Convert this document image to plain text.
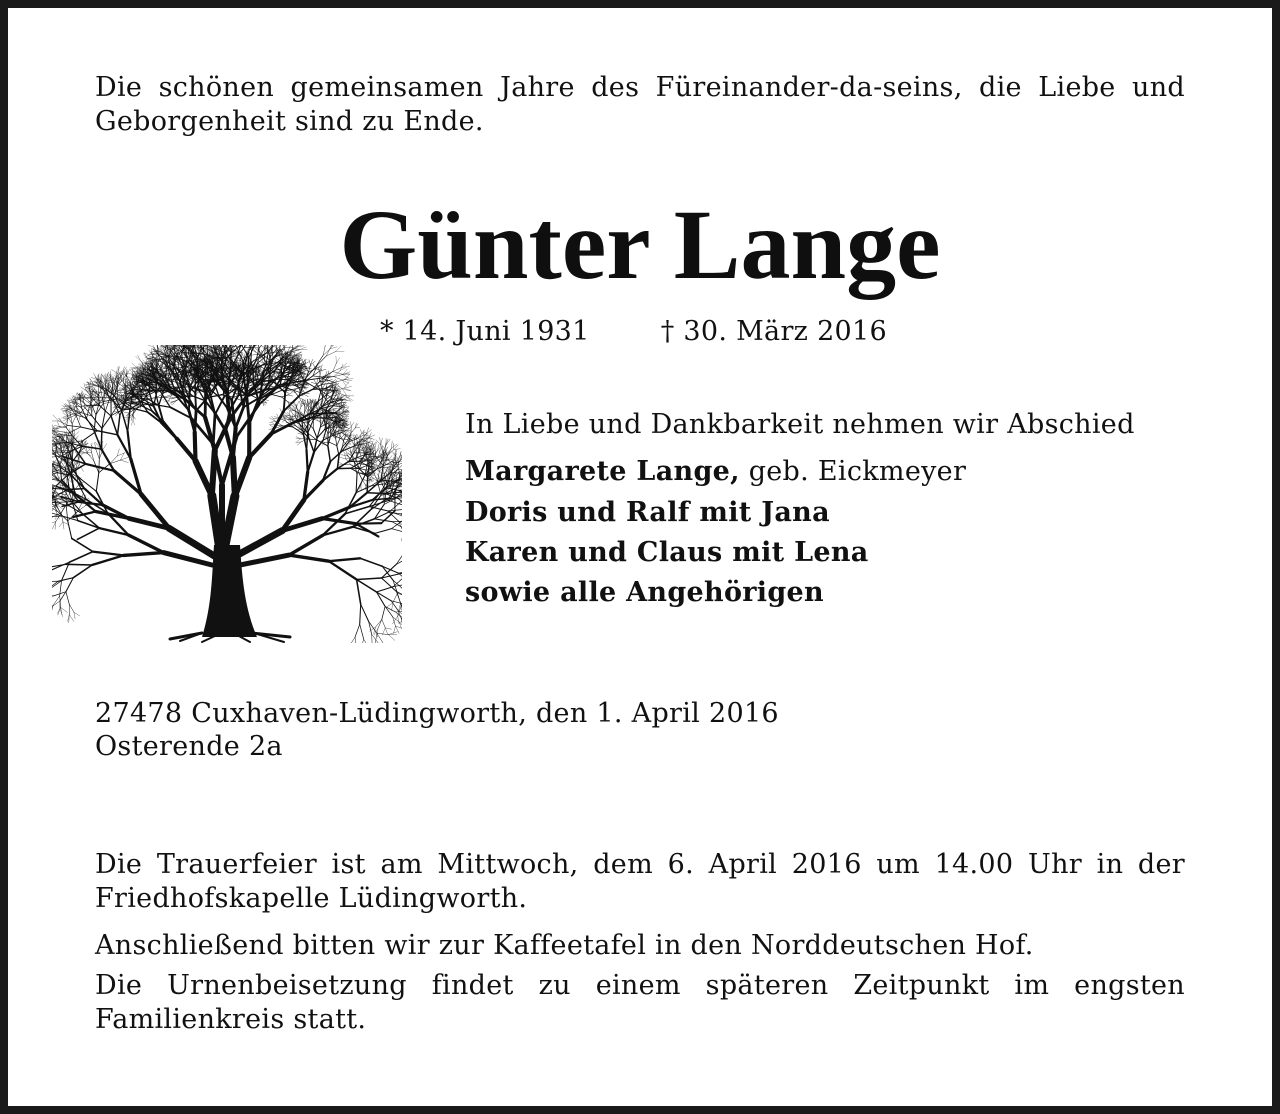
Die schönen gemeinsamen Jahre des Füreinander-da-seins, die Liebe und
Geborgenheit sind zu Ende.
Günter Lange
* 14. Juni 1931	† 30. März 2016
In Liebe und Dankbarkeit nehmen wir Abschied
Margarete Lange, geb. Eickmeyer
Doris und Ralf mit Jana
Karen und Claus mit Lena
sowie alle Angehörigen
27478 Cuxhaven-Lüdingworth, den 1. April 2016
Osterende 2a
Die Trauerfeier ist am Mittwoch, dem 6. April 2016 um 14.00 Uhr in der
Friedhofskapelle Lüdingworth.
Anschließend bitten wir zur Kaffeetafel in den Norddeutschen Hof.
Die Urnenbeisetzung findet zu einem späteren Zeitpunkt im engsten
Familienkreis statt.
